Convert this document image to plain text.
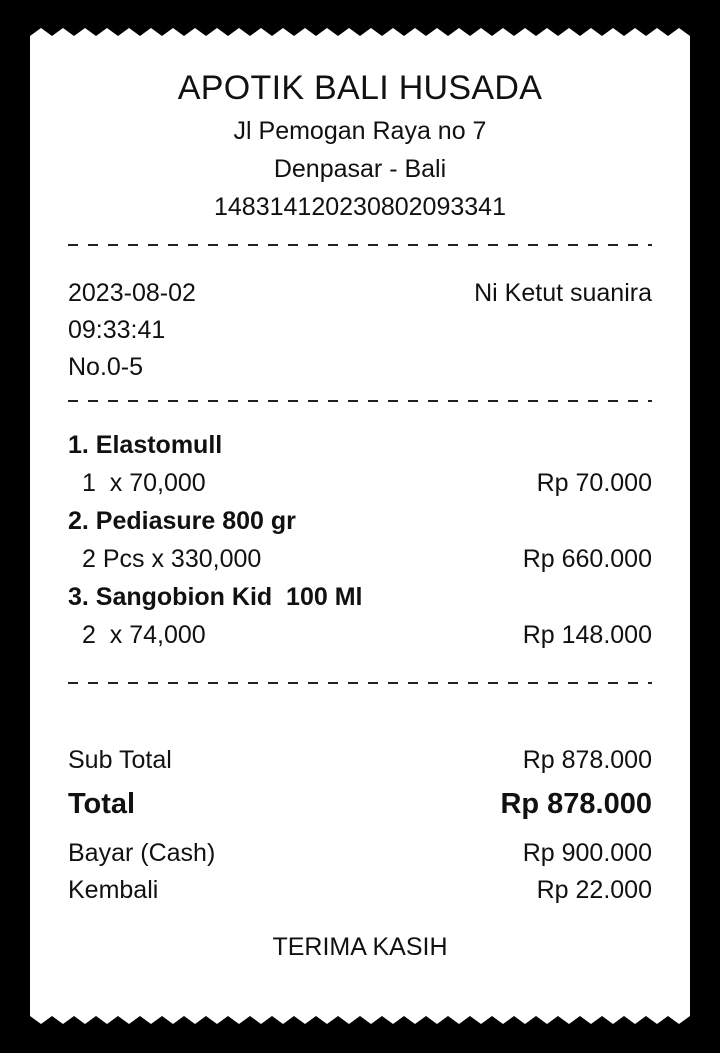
APOTIK BALI HUSADA
Jl Pemogan Raya no 7
Denpasar - Bali
148314120230802093341
2023-08-02	Ni Ketut suanira
09:33:41
No.0-5
1. Elastomull
1  x 70,000	Rp 70.000
2. Pediasure 800 gr
2 Pcs x 330,000	Rp 660.000
3. Sangobion Kid  100 Ml
2  x 74,000	Rp 148.000
Sub Total	Rp 878.000
Total	Rp 878.000
Bayar (Cash)	Rp 900.000
Kembali	Rp 22.000
TERIMA KASIH
